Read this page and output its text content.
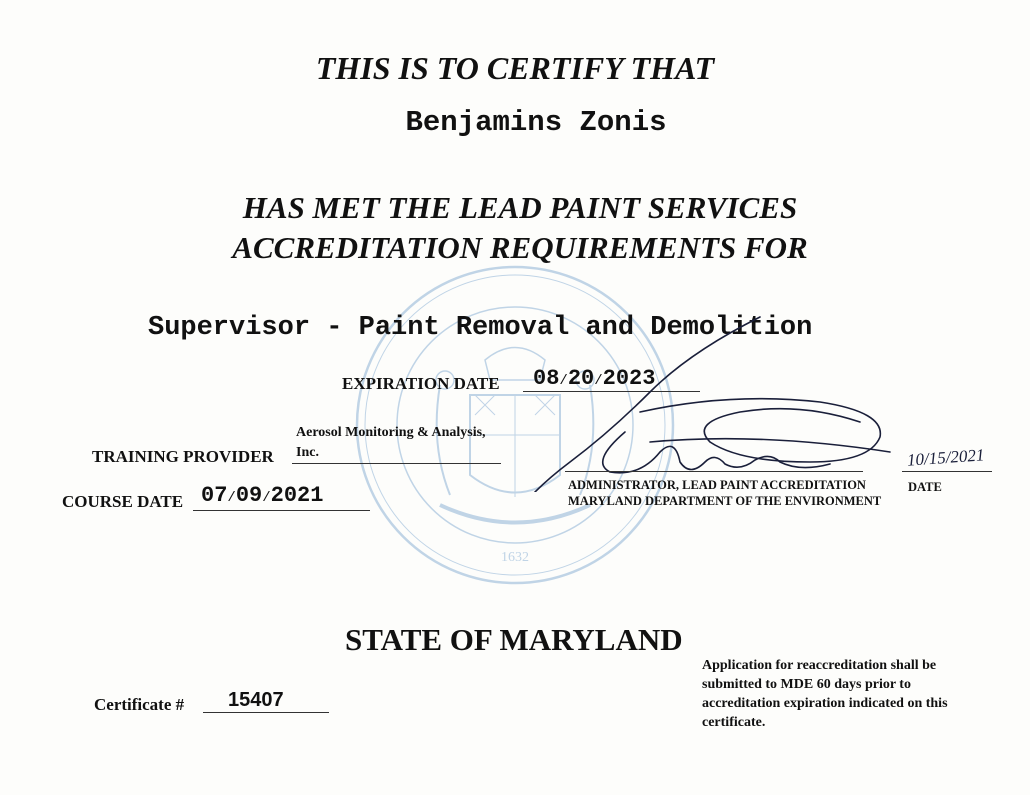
1632
THIS IS TO CERTIFY THAT
Benjamins Zonis
HAS MET THE LEAD PAINT SERVICES
ACCREDITATION REQUIREMENTS FOR
Supervisor - Paint Removal and Demolition
EXPIRATION DATE	08/20/2023
TRAINING PROVIDER
Aerosol Monitoring & Analysis,
Inc.
COURSE DATE 07/09/2021	ADMINISTRATOR, LEAD PAINT ACCREDITATION
MARYLAND DEPARTMENT OF THE ENVIRONMENT
10/15/2021
DATE
STATE OF MARYLAND
Certificate # 15407
Application for reaccreditation shall be
submitted to MDE 60 days prior to
accreditation expiration indicated on this
certificate.
